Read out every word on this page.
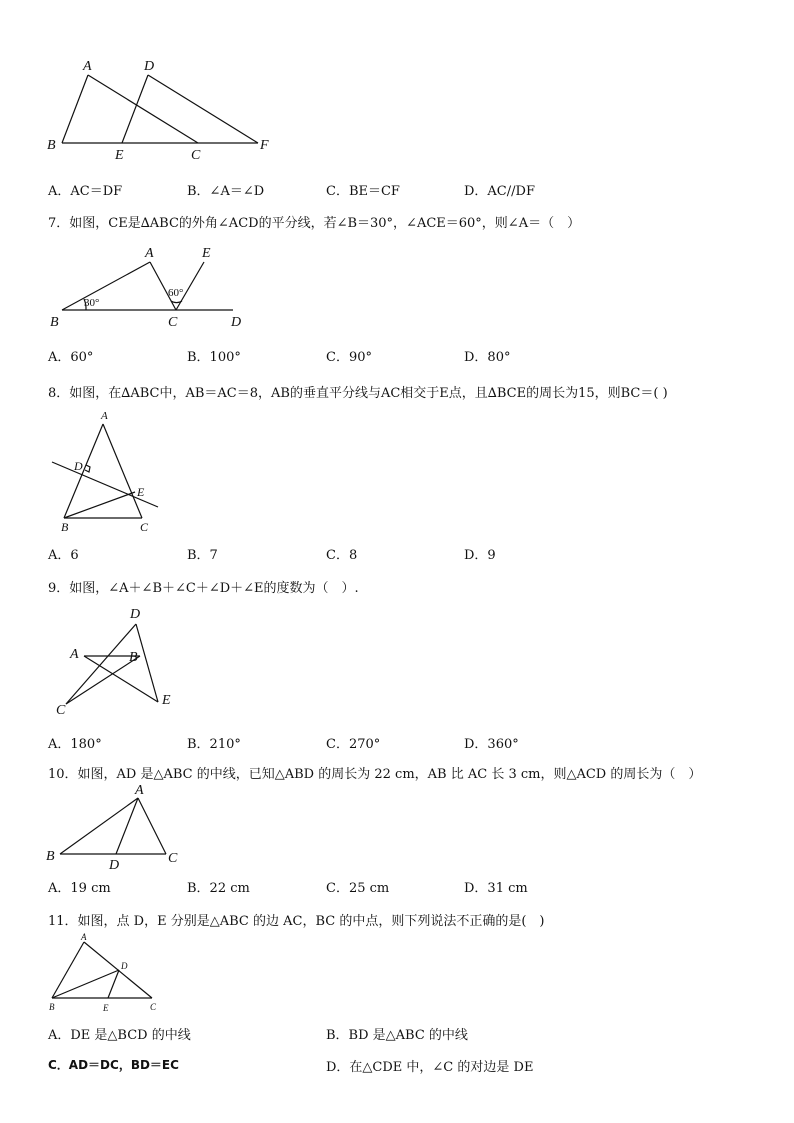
A	D
B
E	C
F
A．AC＝DF	B．∠A＝∠D	C．BE＝CF	D．AC//DF
7．如图，CE是∆ABC的外角∠ACD的平分线，若∠B＝30°，∠ACE＝60°，则∠A＝（　）
A	E
30°
60°
B	C	D
A．60°	B．100°	C．90°	D．80°
8．如图，在∆ABC中，AB＝AC＝8，AB的垂直平分线与AC相交于E点，且∆BCE的周长为15，则BC＝( )
A
D
E
B	C
A．6	B．7	C．8	D．9
9．如图，∠A＋∠B＋∠C＋∠D＋∠E的度数为（　）.
D
A	B
E
C
A．180°	B．210°	C．270°	D．360°
10．如图，AD 是△ABC 的中线，已知△ABD 的周长为 22 cm，AB 比 AC 长 3 cm，则△ACD 的周长为（　）
A
B
D	C
A．19 cm	B．22 cm	C．25 cm	D．31 cm
11．如图，点 D，E 分别是△ABC 的边 AC，BC 的中点，则下列说法不正确的是(　)
A
D
B	E	C
A．DE 是△BCD 的中线	B．BD 是△ABC 的中线
C．AD＝DC，BD＝EC	D．在△CDE 中，∠C 的对边是 DE
